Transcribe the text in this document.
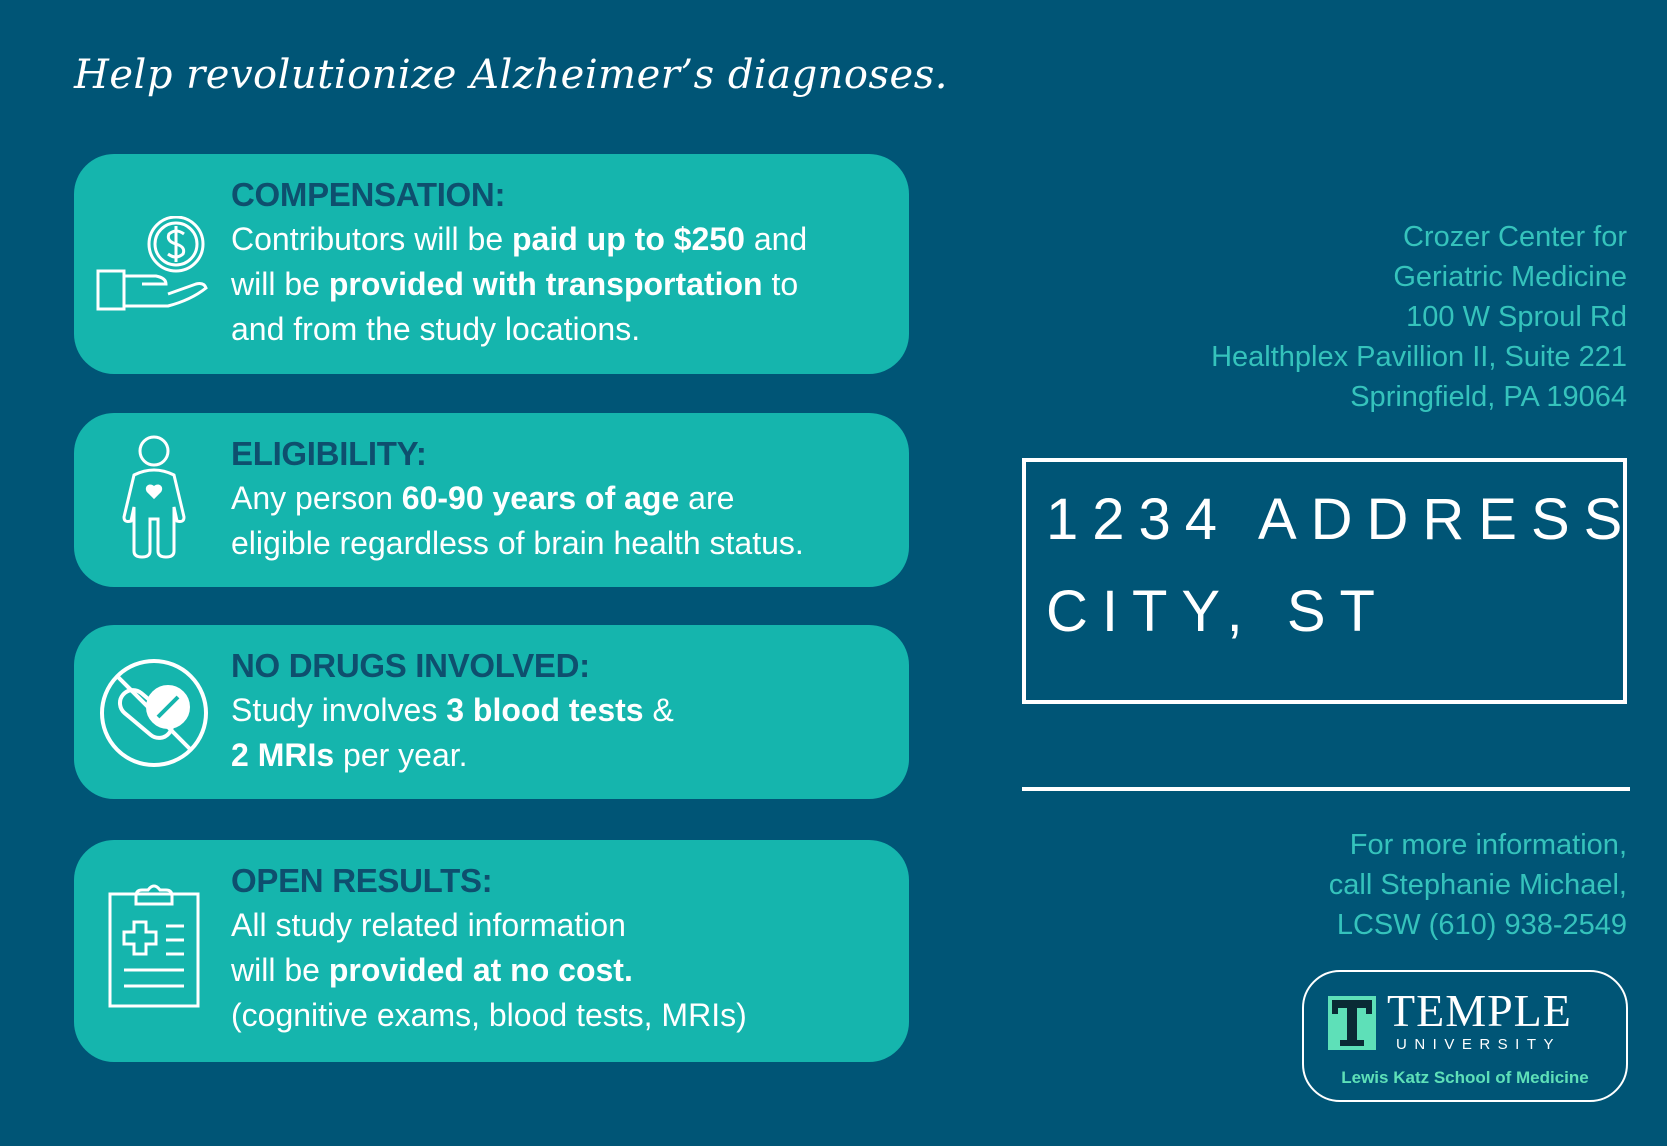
Help revolutionize Alzheimer’s diagnoses.
COMPENSATION:
Contributors will be paid up to $250 and
will be provided with transportation to
and from the study locations.
ELIGIBILITY:
Any person 60-90 years of age are
eligible regardless of brain health status.
NO DRUGS INVOLVED:
Study involves 3 blood tests &
2 MRIs per year.
OPEN RESULTS:
All study related information
will be provided at no cost.
(cognitive exams, blood tests, MRIs)
Crozer Center for
Geriatric Medicine
100 W Sproul Rd
Healthplex Pavillion II, Suite 221
Springfield, PA 19064
1234 ADDRESS
CITY, ST
For more information,
call Stephanie Michael,
LCSW (610) 938-2549
TEMPLE
UNIVERSITY
Lewis Katz School of Medicine
